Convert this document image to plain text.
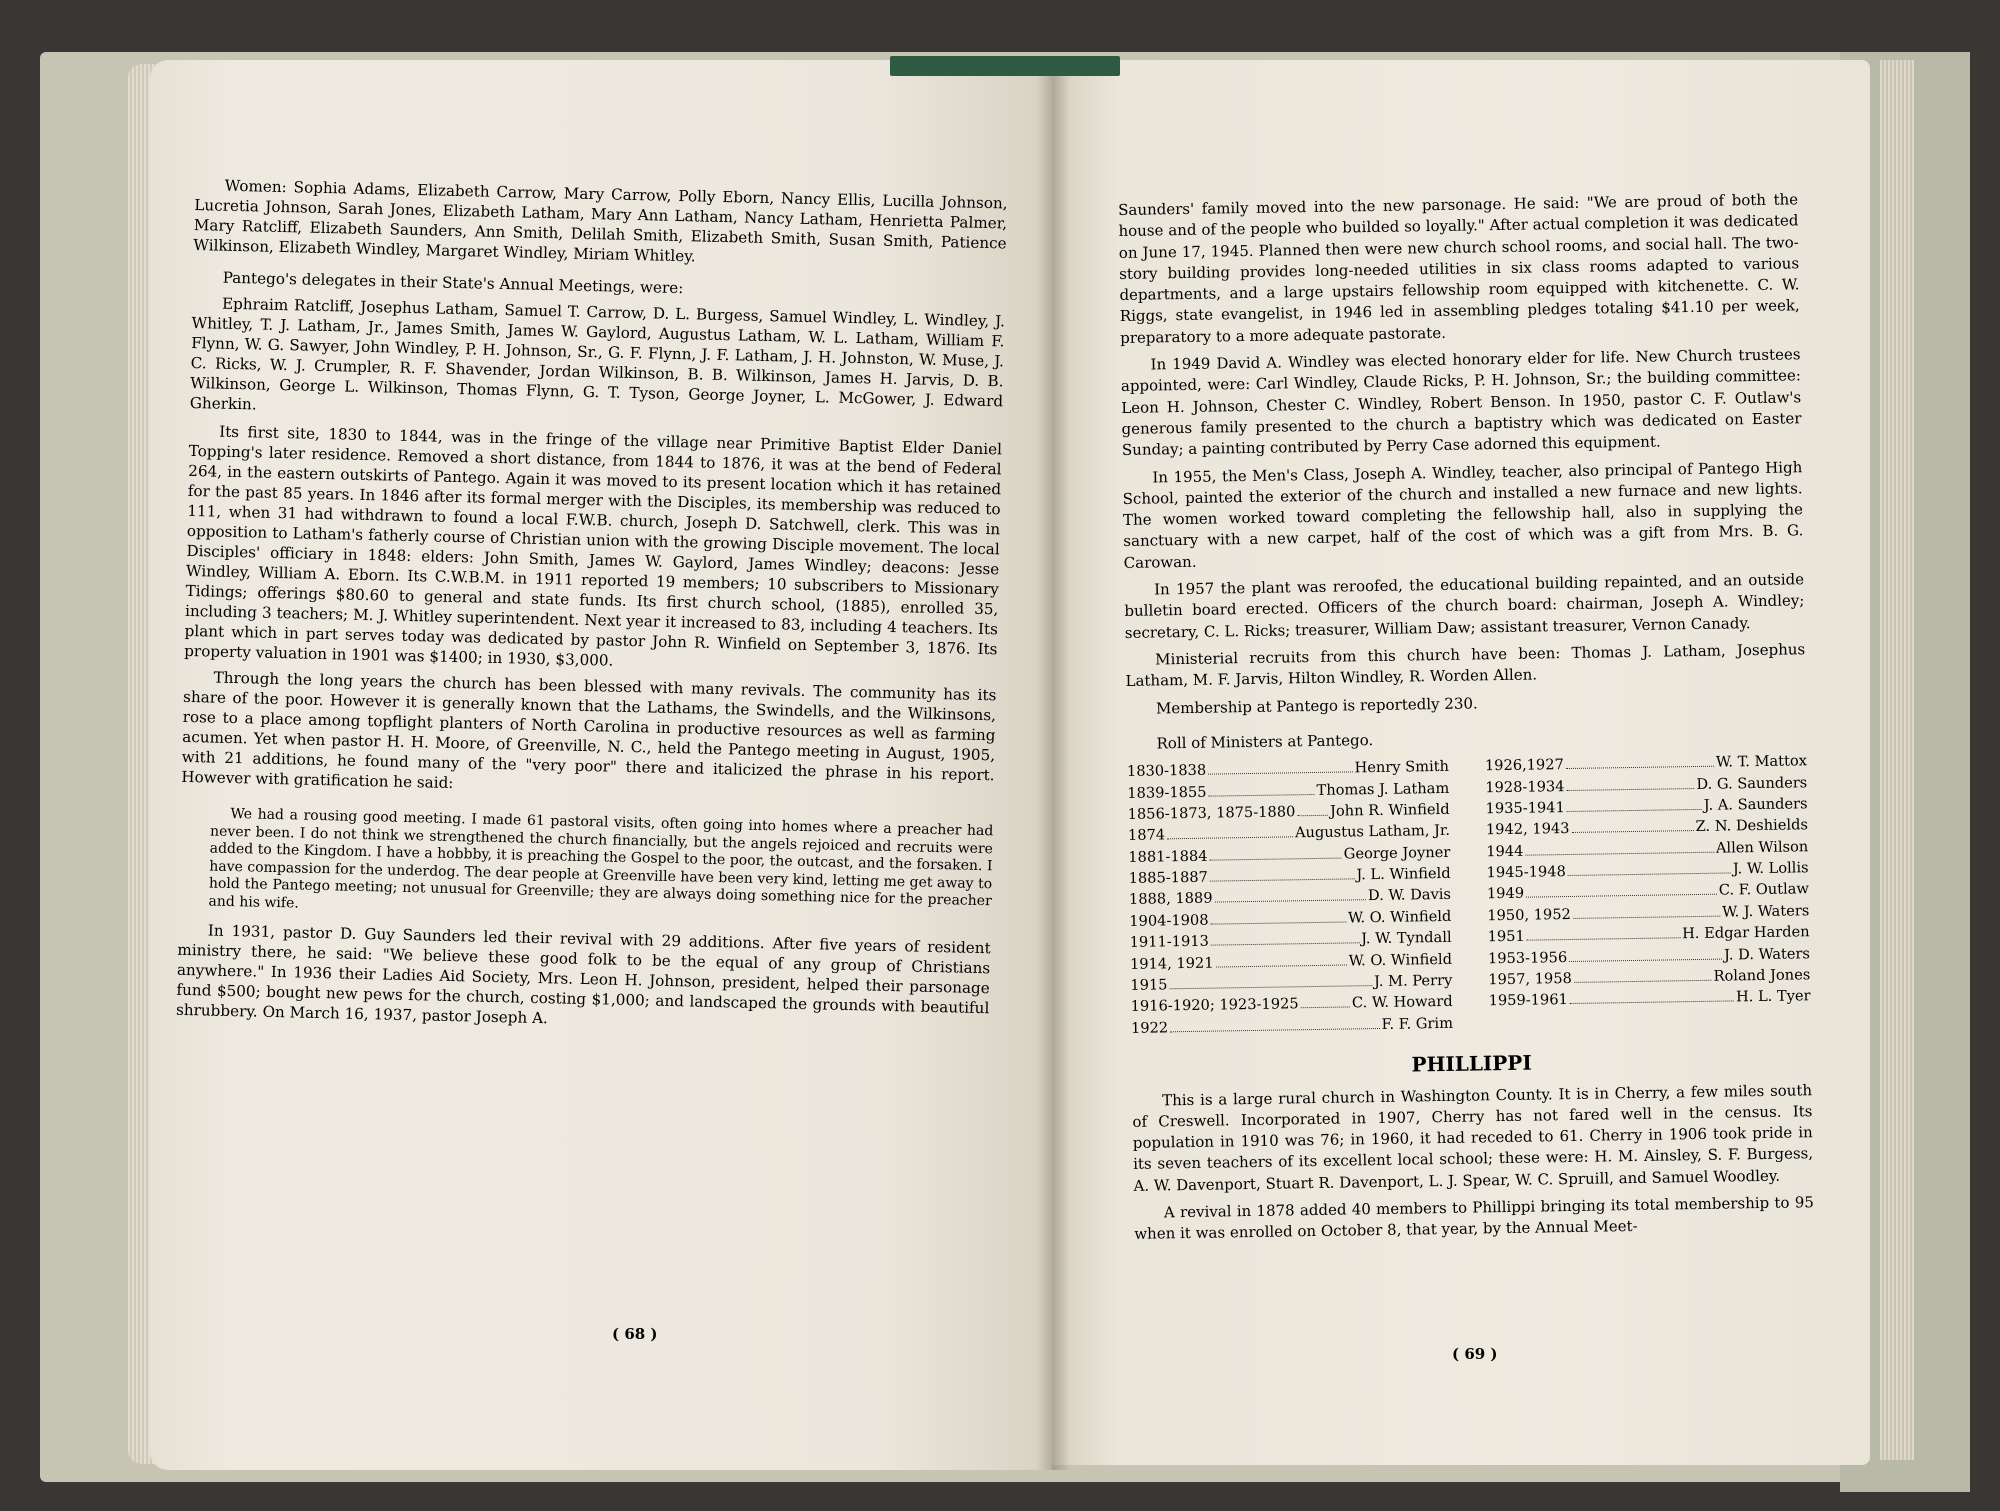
Women: Sophia Adams, Elizabeth Carrow, Mary Carrow, Polly Eborn, Nancy Ellis, Lucilla Johnson, Lucretia Johnson, Sarah Jones, Elizabeth Latham, Mary Ann Latham, Nancy Latham, Henrietta Palmer, Mary Ratcliff, Elizabeth Saunders, Ann Smith, Delilah Smith, Elizabeth Smith, Susan Smith, Patience Wilkinson, Elizabeth Windley, Margaret Windley, Miriam Whitley.

Pantego's delegates in their State's Annual Meetings, were:

Ephraim Ratcliff, Josephus Latham, Samuel T. Carrow, D. L. Burgess, Samuel Windley, L. Windley, J. Whitley, T. J. Latham, Jr., James Smith, James W. Gaylord, Augustus Latham, W. L. Latham, William F. Flynn, W. G. Sawyer, John Windley, P. H. Johnson, Sr., G. F. Flynn, J. F. Latham, J. H. Johnston, W. Muse, J. C. Ricks, W. J. Crumpler, R. F. Shavender, Jordan Wilkinson, B. B. Wilkinson, James H. Jarvis, D. B. Wilkinson, George L. Wilkinson, Thomas Flynn, G. T. Tyson, George Joyner, L. McGower, J. Edward Gherkin.

Its first site, 1830 to 1844, was in the fringe of the village near Primitive Baptist Elder Daniel Topping's later residence. Removed a short distance, from 1844 to 1876, it was at the bend of Federal 264, in the eastern outskirts of Pantego. Again it was moved to its present location which it has retained for the past 85 years. In 1846 after its formal merger with the Disciples, its membership was reduced to 111, when 31 had withdrawn to found a local F.W.B. church, Joseph D. Satchwell, clerk. This was in opposition to Latham's fatherly course of Christian union with the growing Disciple movement. The local Disciples' officiary in 1848: elders: John Smith, James W. Gaylord, James Windley; deacons: Jesse Windley, William A. Eborn. Its C.W.B.M. in 1911 reported 19 members; 10 subscribers to Missionary Tidings; offerings $80.60 to general and state funds. Its first church school, (1885), enrolled 35, including 3 teachers; M. J. Whitley superintendent. Next year it increased to 83, including 4 teachers. Its plant which in part serves today was dedicated by pastor John R. Winfield on September 3, 1876. Its property valuation in 1901 was $1400; in 1930, $3,000.

Through the long years the church has been blessed with many revivals. The community has its share of the poor. However it is generally known that the Lathams, the Swindells, and the Wilkinsons, rose to a place among topflight planters of North Carolina in productive resources as well as farming acumen. Yet when pastor H. H. Moore, of Greenville, N. C., held the Pantego meeting in August, 1905, with 21 additions, he found many of the "very poor" there and italicized the phrase in his report. However with gratification he said:

We had a rousing good meeting. I made 61 pastoral visits, often going into homes where a preacher had never been. I do not think we strengthened the church financially, but the angels rejoiced and recruits were added to the Kingdom. I have a hobbby, it is preaching the Gospel to the poor, the outcast, and the forsaken. I have compassion for the underdog. The dear people at Greenville have been very kind, letting me get away to hold the Pantego meeting; not unusual for Greenville; they are always doing something nice for the preacher and his wife.

In 1931, pastor D. Guy Saunders led their revival with 29 additions. After five years of resident ministry there, he said: "We believe these good folk to be the equal of any group of Christians anywhere." In 1936 their Ladies Aid Society, Mrs. Leon H. Johnson, president, helped their parsonage fund $500; bought new pews for the church, costing $1,000; and landscaped the grounds with beautiful shrubbery. On March 16, 1937, pastor Joseph A.

( 68 )

Saunders' family moved into the new parsonage. He said: "We are proud of both the house and of the people who builded so loyally." After actual completion it was dedicated on June 17, 1945. Planned then were new church school rooms, and social hall. The two-story building provides long-needed utilities in six class rooms adapted to various departments, and a large upstairs fellowship room equipped with kitchenette. C. W. Riggs, state evangelist, in 1946 led in assembling pledges totaling $41.10 per week, preparatory to a more adequate pastorate.

In 1949 David A. Windley was elected honorary elder for life. New Church trustees appointed, were: Carl Windley, Claude Ricks, P. H. Johnson, Sr.; the building committee: Leon H. Johnson, Chester C. Windley, Robert Benson. In 1950, pastor C. F. Outlaw's generous family presented to the church a baptistry which was dedicated on Easter Sunday; a painting contributed by Perry Case adorned this equipment.

In 1955, the Men's Class, Joseph A. Windley, teacher, also principal of Pantego High School, painted the exterior of the church and installed a new furnace and new lights. The women worked toward completing the fellowship hall, also in supplying the sanctuary with a new carpet, half of the cost of which was a gift from Mrs. B. G. Carowan.

In 1957 the plant was reroofed, the educational building repainted, and an outside bulletin board erected. Officers of the church board: chairman, Joseph A. Windley; secretary, C. L. Ricks; treasurer, William Daw; assistant treasurer, Vernon Canady.

Ministerial recruits from this church have been: Thomas J. Latham, Josephus Latham, M. F. Jarvis, Hilton Windley, R. Worden Allen.

Membership at Pantego is reportedly 230.

Roll of Ministers at Pantego.

1830-1838	Henry Smith
1839-1855	Thomas J. Latham
1856-1873, 1875-1880 John R. Winfield
1874	Augustus Latham, Jr.
1881-1884	George Joyner
1885-1887	J. L. Winfield
1888, 1889	D. W. Davis
1904-1908	W. O. Winfield
1911-1913	J. W. Tyndall
1914, 1921	W. O. Winfield
1915	J. M. Perry
1916-1920; 1923-1925	C. W. Howard
1922	F. F. Grim
1926,1927	W. T. Mattox
1928-1934	D. G. Saunders
1935-1941	J. A. Saunders
1942, 1943	Z. N. Deshields
1944	Allen Wilson
1945-1948	J. W. Lollis
1949	C. F. Outlaw
1950, 1952	W. J. Waters
1951	H. Edgar Harden
1953-1956	J. D. Waters
1957, 1958	Roland Jones
1959-1961	H. L. Tyer
PHILLIPPI

This is a large rural church in Washington County. It is in Cherry, a few miles south of Creswell. Incorporated in 1907, Cherry has not fared well in the census. Its population in 1910 was 76; in 1960, it had receded to 61. Cherry in 1906 took pride in its seven teachers of its excellent local school; these were: H. M. Ainsley, S. F. Burgess, A. W. Davenport, Stuart R. Davenport, L. J. Spear, W. C. Spruill, and Samuel Woodley.

A revival in 1878 added 40 members to Phillippi bringing its total membership to 95 when it was enrolled on October 8, that year, by the Annual Meet-

( 69 )
